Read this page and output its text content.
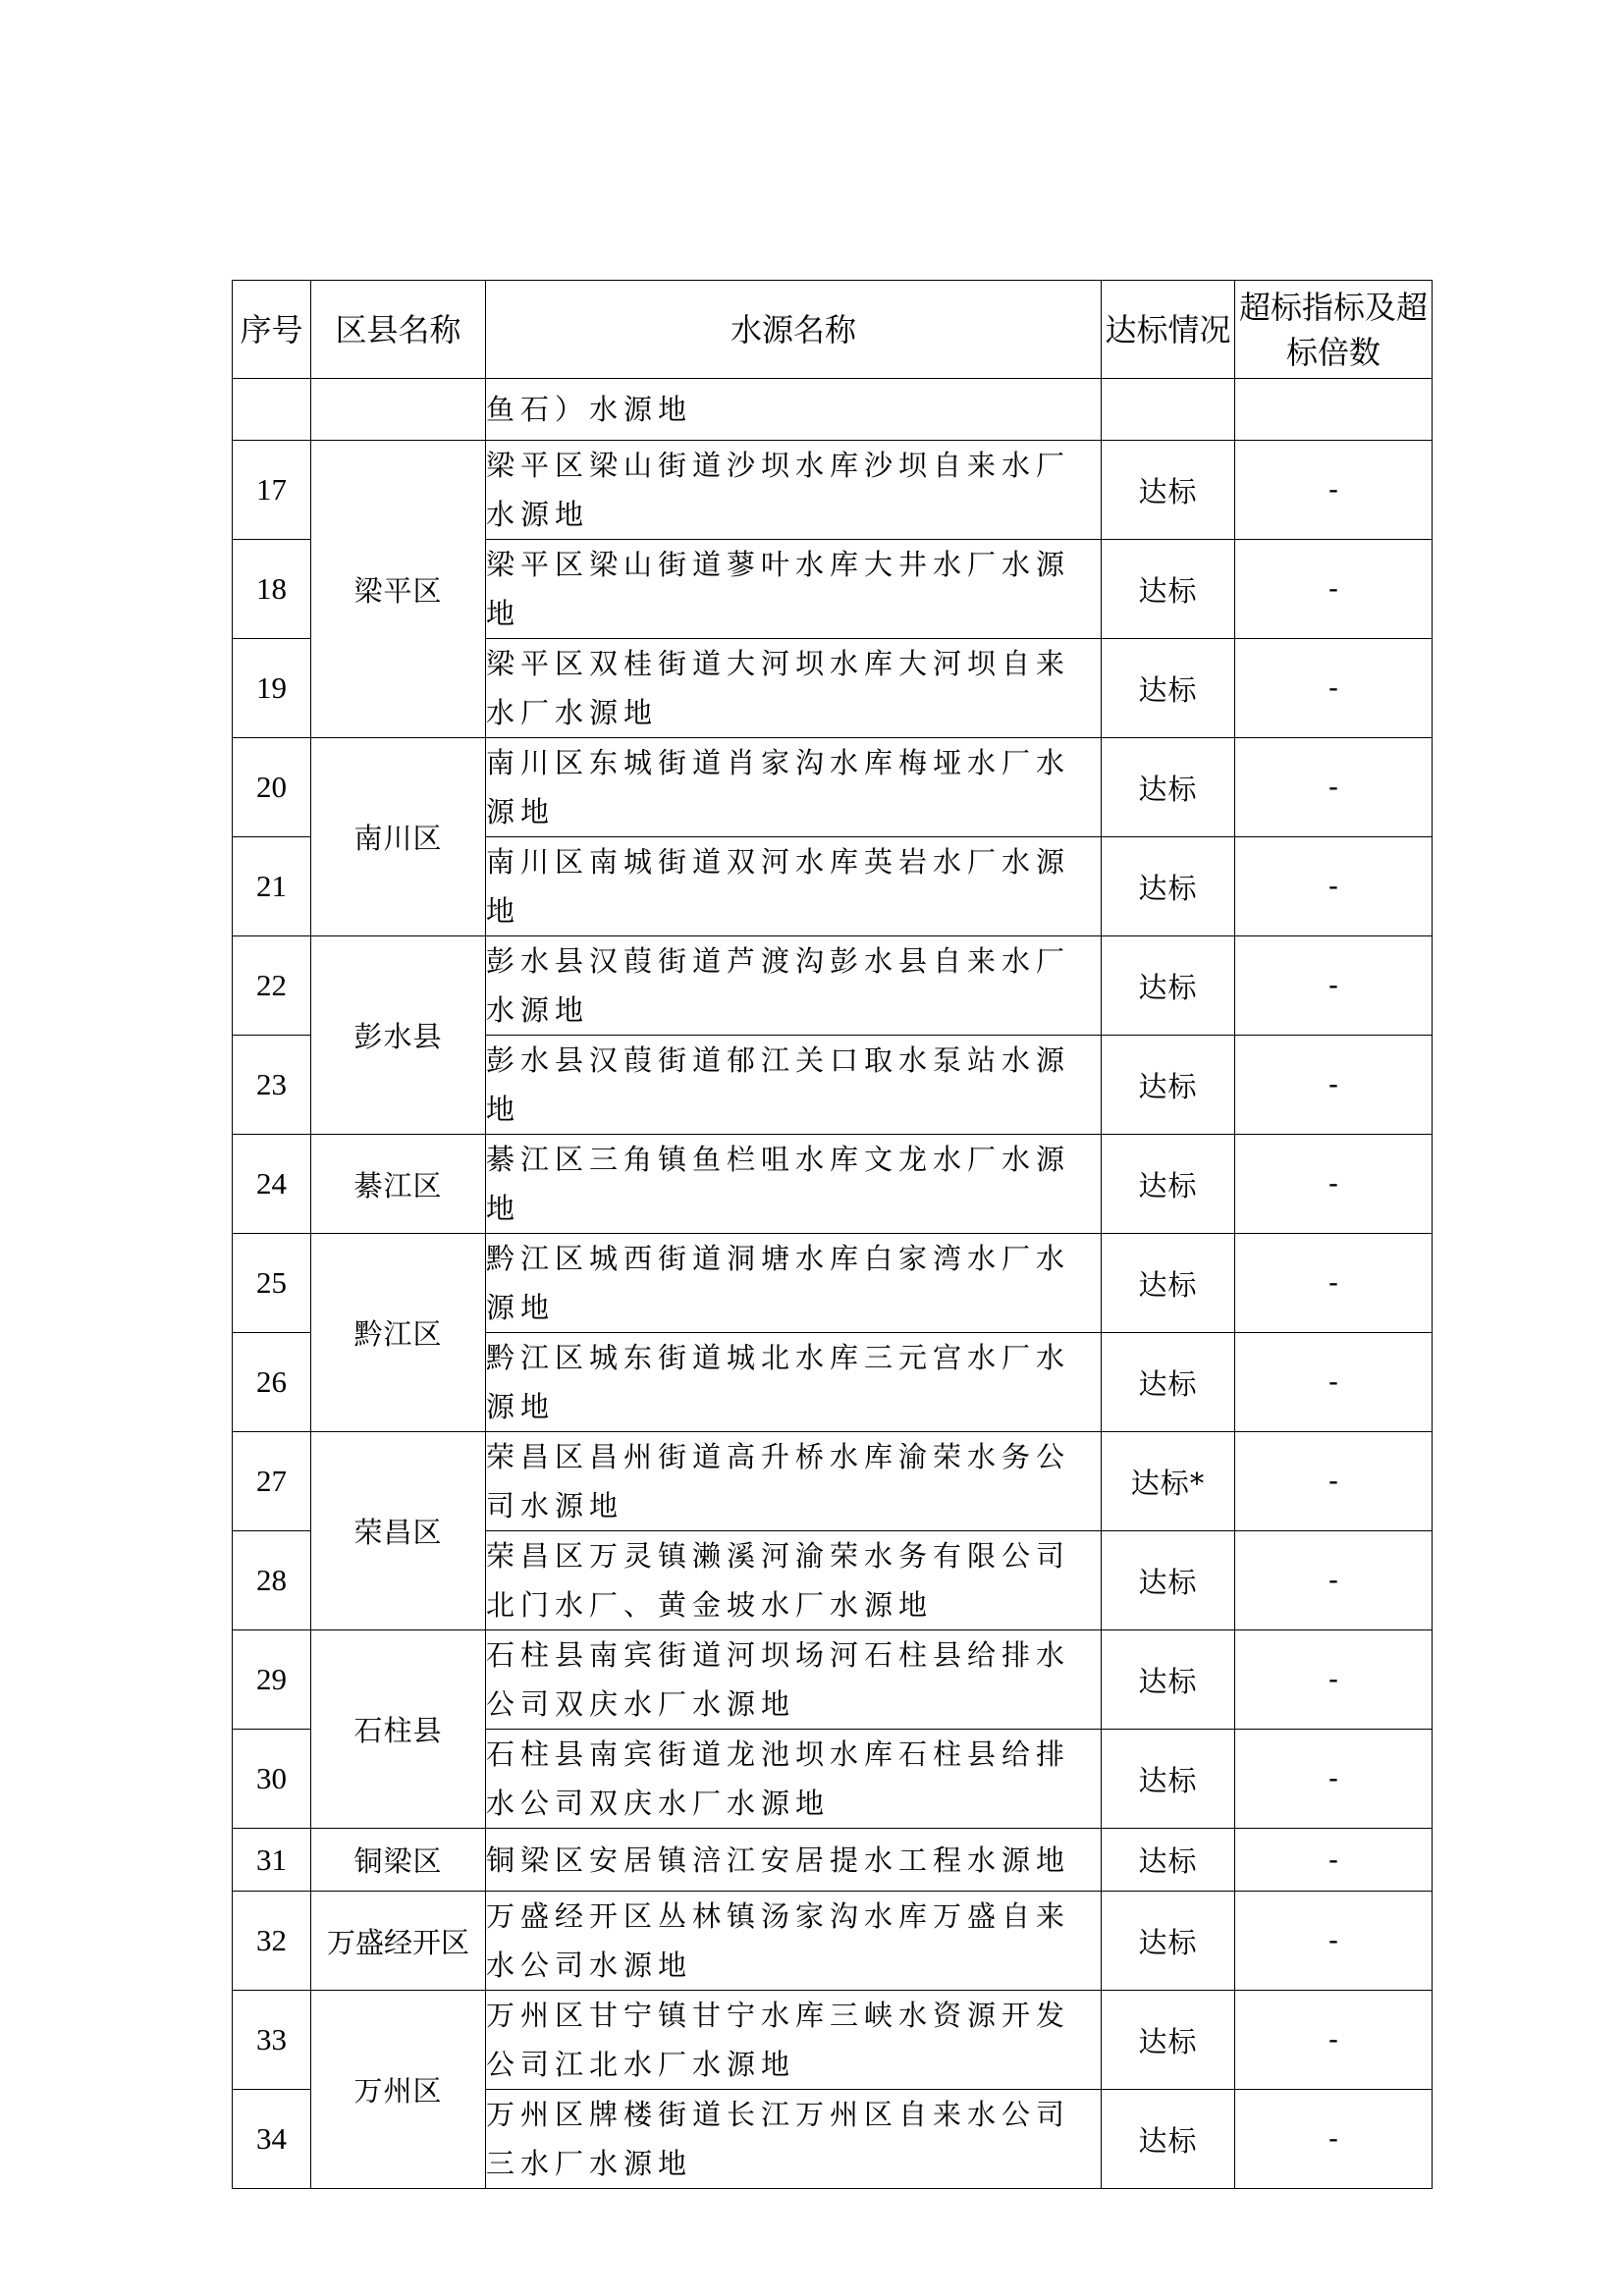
序号	区县名称	水源名称	达标情况	超标指标及超标倍数
		鱼石）水源地		
17	梁平区	梁平区梁山街道沙坝水库沙坝自来水厂水源地	达标	-
18		梁平区梁山街道蓼叶水库大井水厂水源地	达标	-
19		梁平区双桂街道大河坝水库大河坝自来水厂水源地	达标	-
20	南川区	南川区东城街道肖家沟水库梅垭水厂水源地	达标	-
21		南川区南城街道双河水库英岩水厂水源地	达标	-
22	彭水县	彭水县汉葭街道芦渡沟彭水县自来水厂水源地	达标	-
23		彭水县汉葭街道郁江关口取水泵站水源地	达标	-
24	綦江区	綦江区三角镇鱼栏咀水库文龙水厂水源地	达标	-
25	黔江区	黔江区城西街道洞塘水库白家湾水厂水源地	达标	-
26		黔江区城东街道城北水库三元宫水厂水源地	达标	-
27	荣昌区	荣昌区昌州街道高升桥水库渝荣水务公司水源地	达标*	-
28		荣昌区万灵镇濑溪河渝荣水务有限公司北门水厂、黄金坡水厂水源地	达标	-
29	石柱县	石柱县南宾街道河坝场河石柱县给排水公司双庆水厂水源地	达标	-
30		石柱县南宾街道龙池坝水库石柱县给排水公司双庆水厂水源地	达标	-
31	铜梁区	铜梁区安居镇涪江安居提水工程水源地	达标	-
32	万盛经开区	万盛经开区丛林镇汤家沟水库万盛自来水公司水源地	达标	-
33	万州区	万州区甘宁镇甘宁水库三峡水资源开发公司江北水厂水源地	达标	-
34		万州区牌楼街道长江万州区自来水公司三水厂水源地	达标	-
